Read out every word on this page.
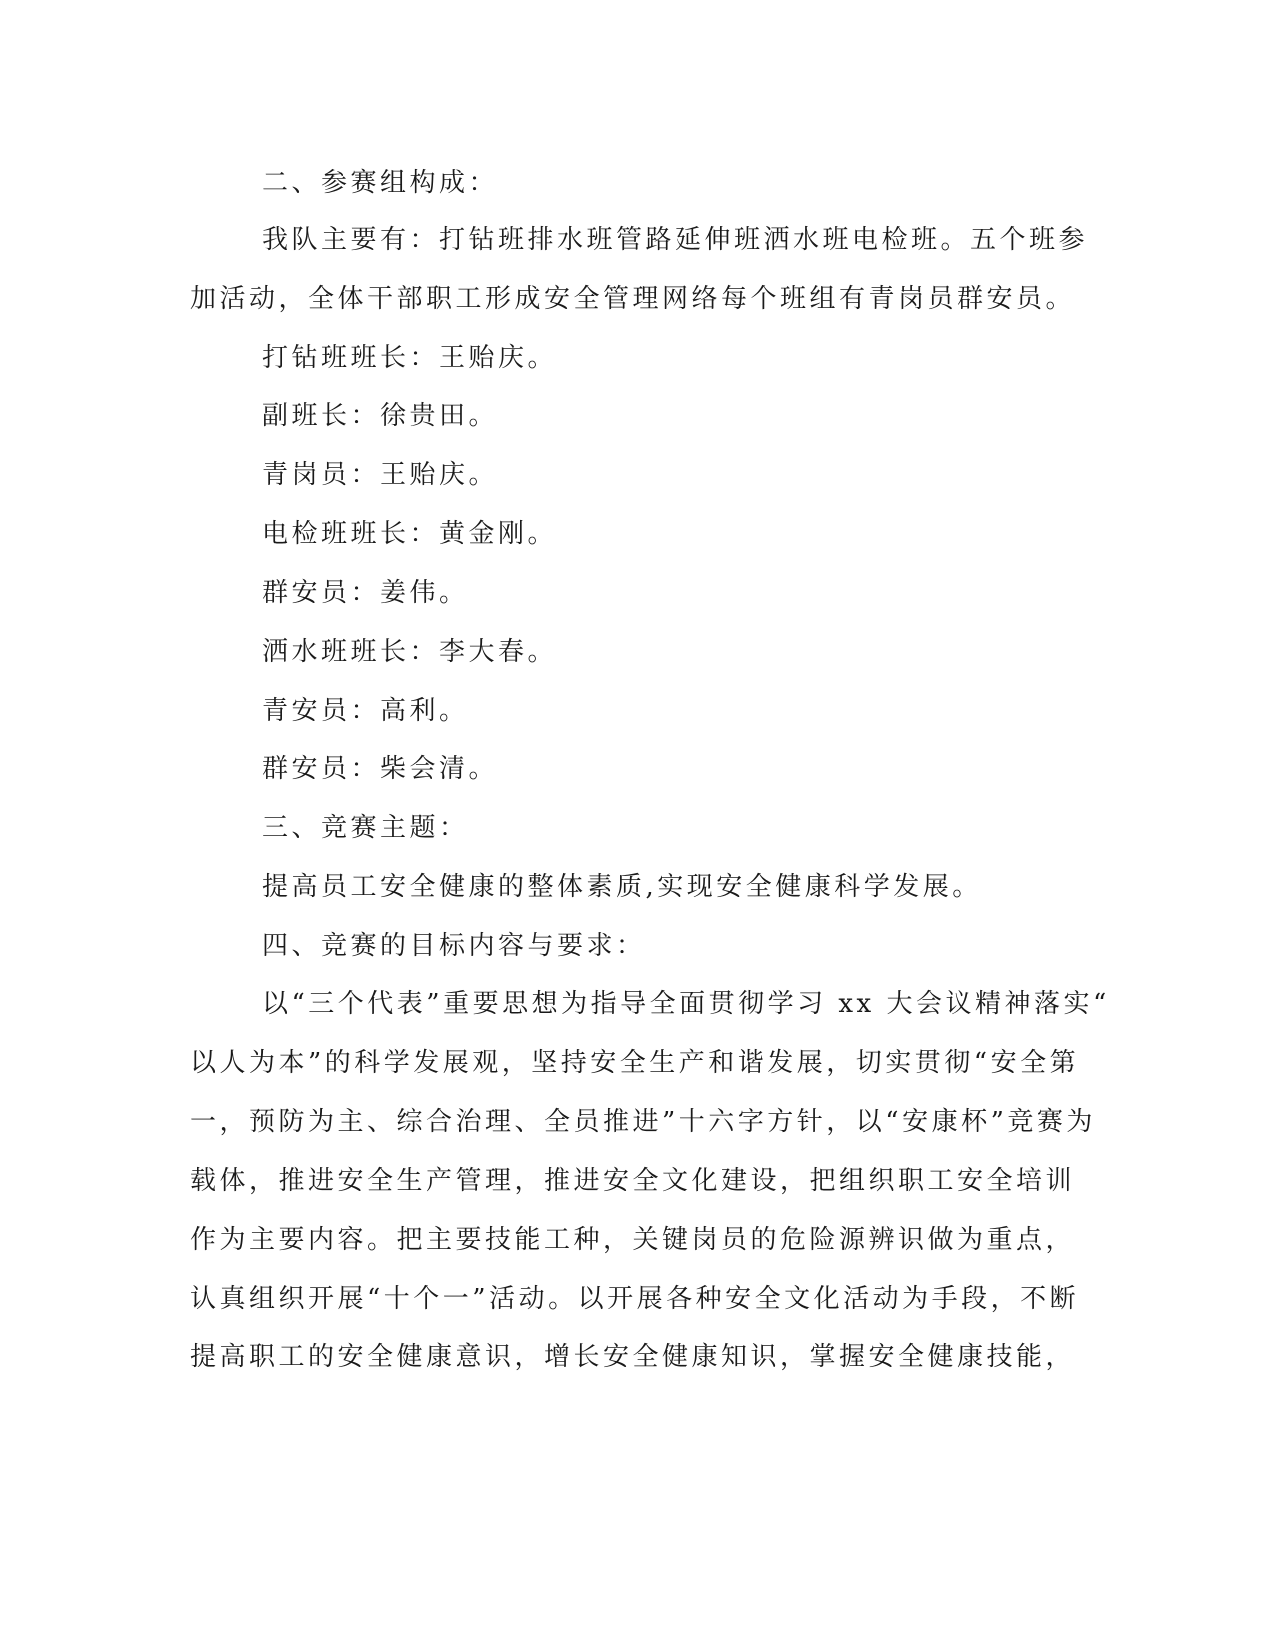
二、参赛组构成：
我队主要有：打钻班排水班管路延伸班洒水班电检班。五个班参
加活动，全体干部职工形成安全管理网络每个班组有青岗员群安员。
打钻班班长：王贻庆。
副班长：徐贵田。
青岗员：王贻庆。
电检班班长：黄金刚。
群安员：姜伟。
洒水班班长：李大春。
青安员：高利。
群安员：柴会清。
三、竞赛主题：
提高员工安全健康的整体素质,实现安全健康科学发展。
四、竞赛的目标内容与要求：
以“三个代表”重要思想为指导全面贯彻学习 xx 大会议精神落实“
以人为本”的科学发展观，坚持安全生产和谐发展，切实贯彻“安全第
一，预防为主、综合治理、全员推进”十六字方针，以“安康杯”竞赛为
载体，推进安全生产管理，推进安全文化建设，把组织职工安全培训
作为主要内容。把主要技能工种，关键岗员的危险源辨识做为重点，
认真组织开展“十个一”活动。以开展各种安全文化活动为手段，不断
提高职工的安全健康意识，增长安全健康知识，掌握安全健康技能，
